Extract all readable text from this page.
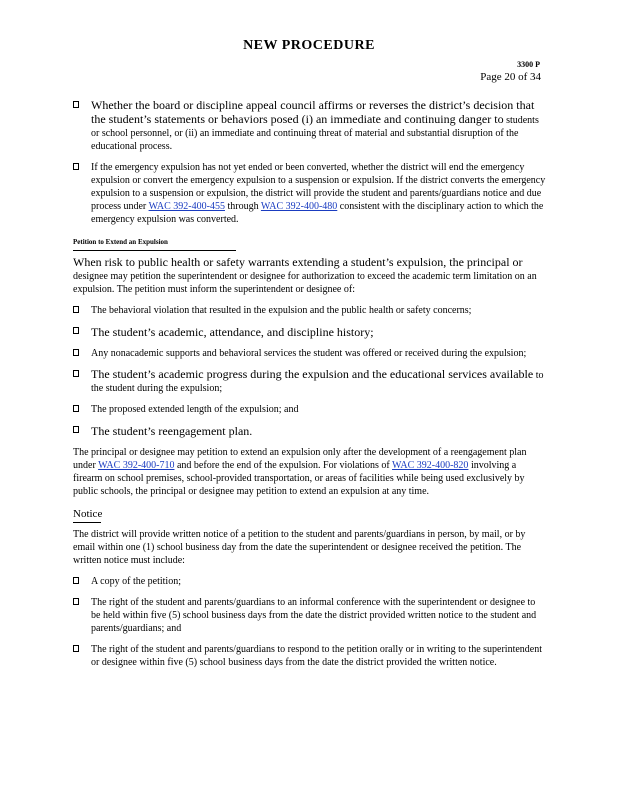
NEW PROCEDURE
3300 P
Page 20 of 34
Whether the board or discipline appeal council affirms or reverses the district’s decision that the student’s statements or behaviors posed (i) an immediate and continuing danger to students or school personnel, or (ii) an immediate and continuing threat of material and substantial disruption of the educational process.
If the emergency expulsion has not yet ended or been converted, whether the district will end the emergency expulsion or convert the emergency expulsion to a suspension or expulsion. If the district converts the emergency expulsion to a suspension or expulsion, the district will provide the student and parents/guardians notice and due process under WAC 392-400-455 through WAC 392-400-480 consistent with the disciplinary action to which the emergency expulsion was converted.
Petition to Extend an Expulsion
When risk to public health or safety warrants extending a student’s expulsion, the principal or designee may petition the superintendent or designee for authorization to exceed the academic term limitation on an expulsion. The petition must inform the superintendent or designee of:
The behavioral violation that resulted in the expulsion and the public health or safety concerns;
The student’s academic, attendance, and discipline history;
Any nonacademic supports and behavioral services the student was offered or received during the expulsion;
The student’s academic progress during the expulsion and the educational services available to the student during the expulsion;
The proposed extended length of the expulsion; and
The student’s reengagement plan.
The principal or designee may petition to extend an expulsion only after the development of a reengagement plan under WAC 392-400-710 and before the end of the expulsion. For violations of WAC 392-400-820 involving a firearm on school premises, school-provided transportation, or areas of facilities while being used exclusively by public schools, the principal or designee may petition to extend an expulsion at any time.
Notice
The district will provide written notice of a petition to the student and parents/guardians in person, by mail, or by email within one (1) school business day from the date the superintendent or designee received the petition. The written notice must include:
A copy of the petition;
The right of the student and parents/guardians to an informal conference with the superintendent or designee to be held within five (5) school business days from the date the district provided written notice to the student and parents/guardians; and
The right of the student and parents/guardians to respond to the petition orally or in writing to the superintendent or designee within five (5) school business days from the date the district provided the written notice.
